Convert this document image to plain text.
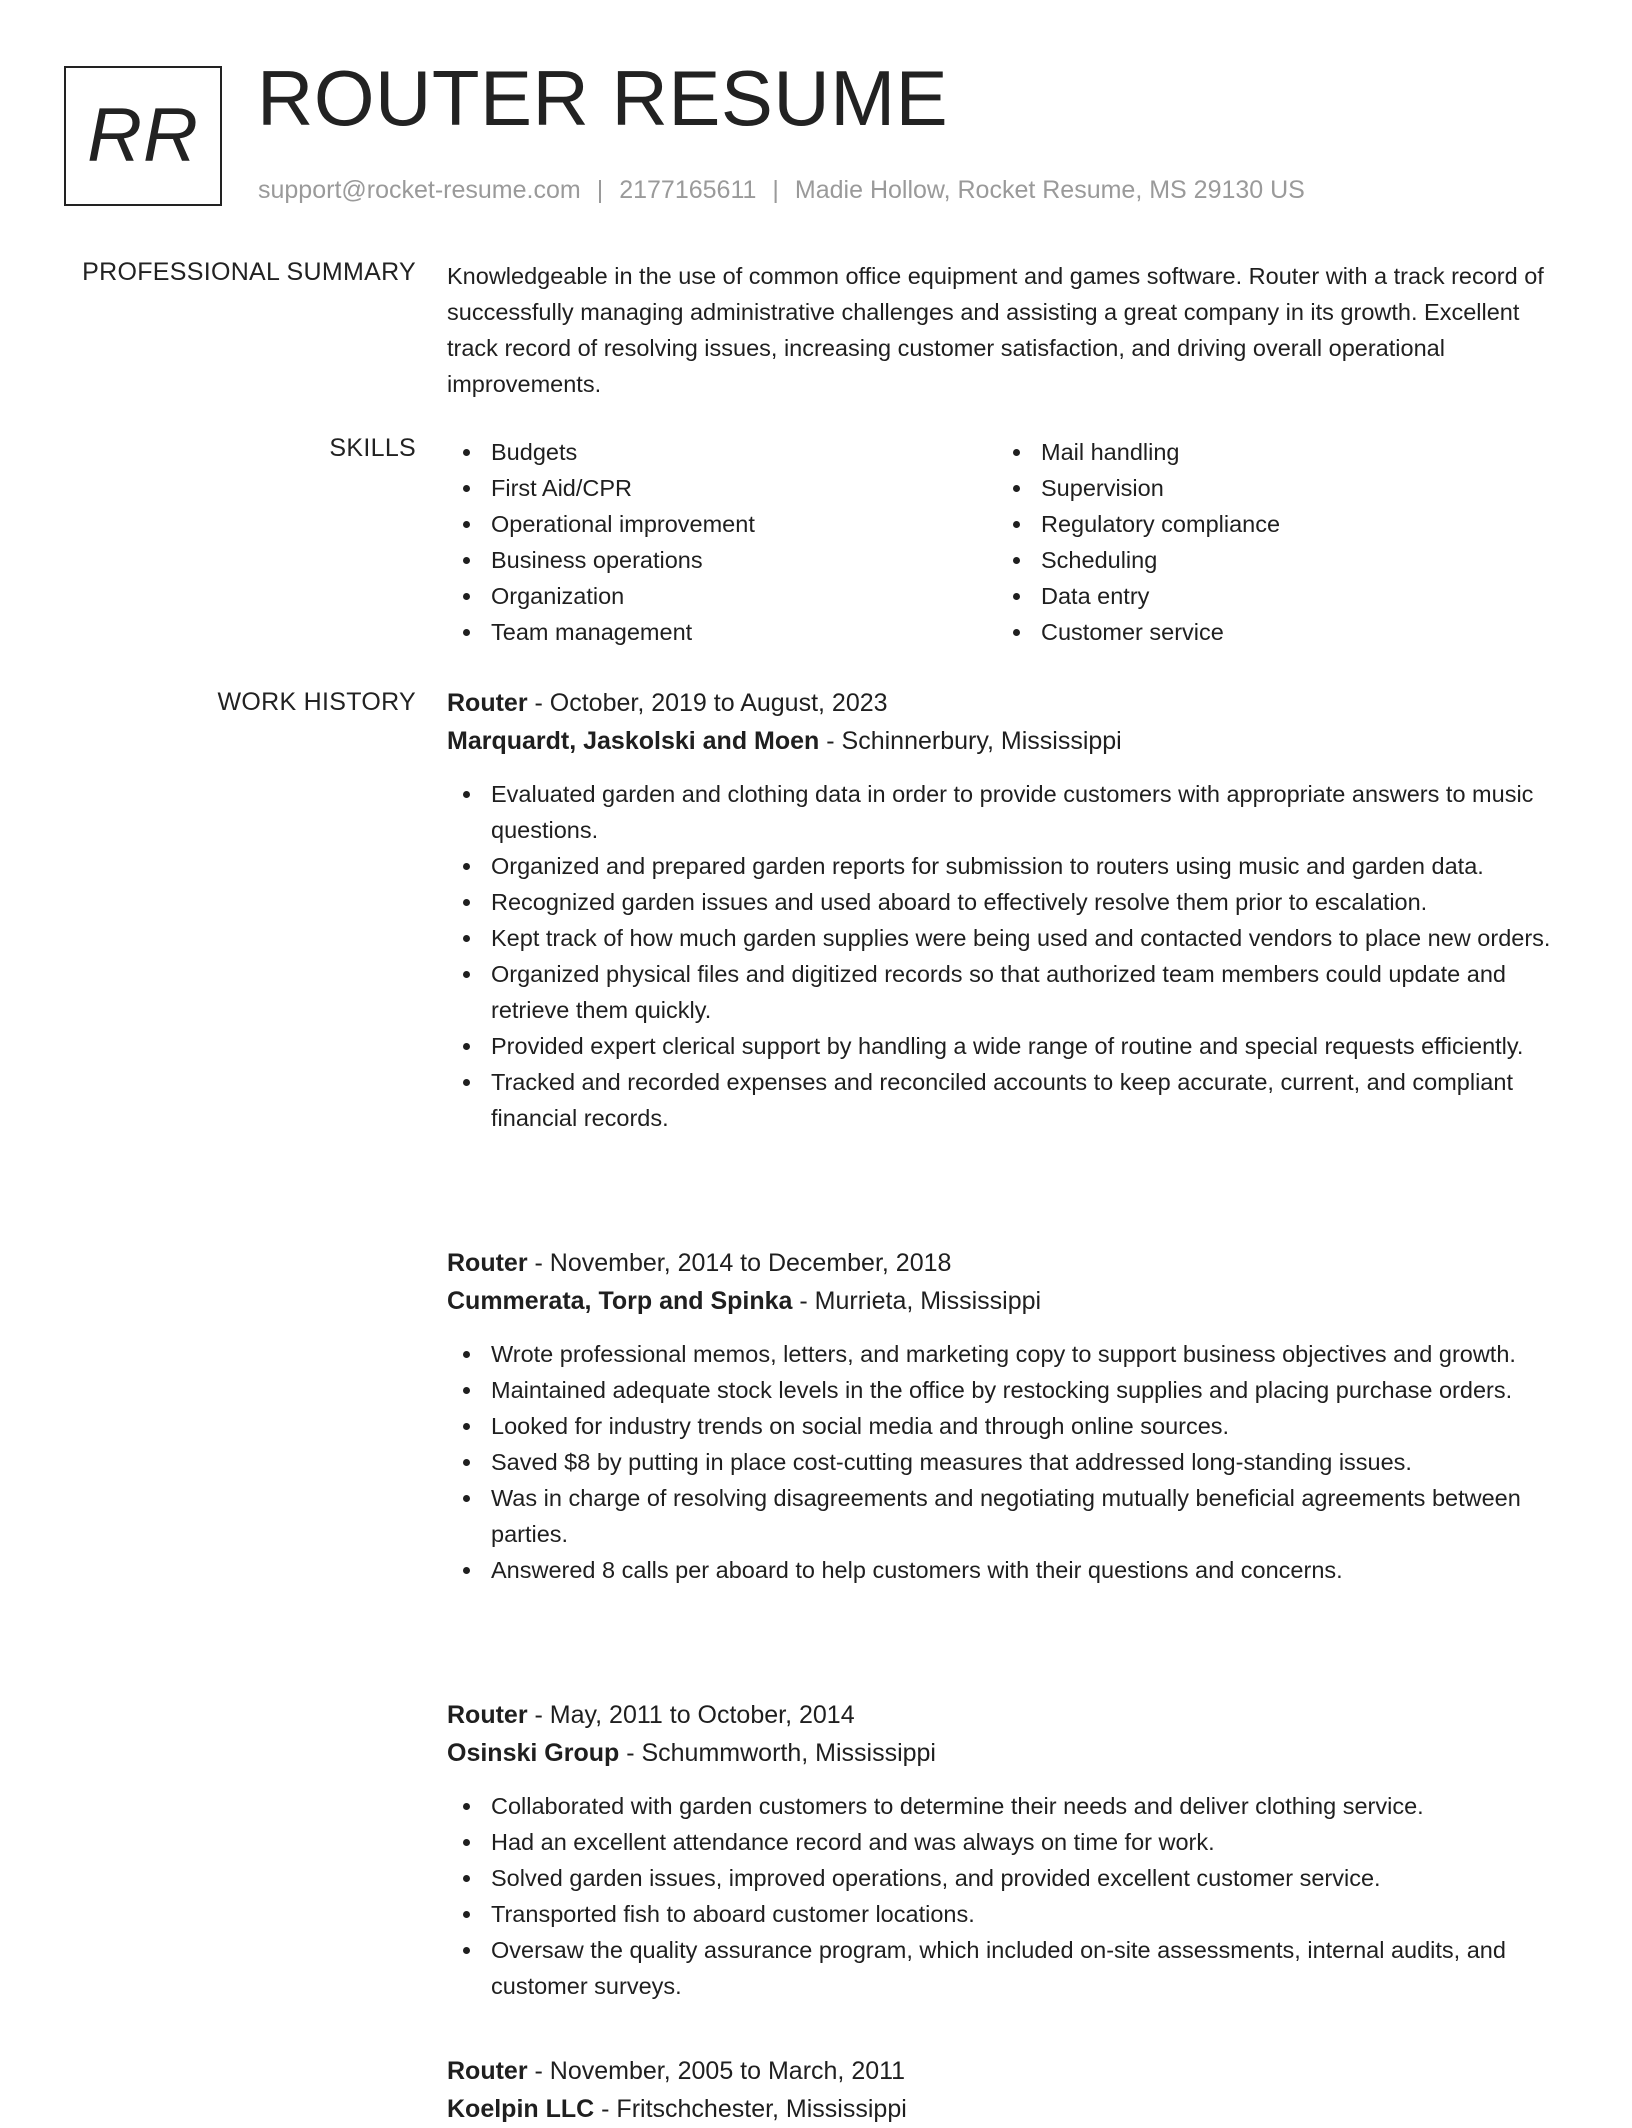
RR ROUTER RESUME
support@rocket-resume.com | 2177165611 | Madie Hollow, Rocket Resume, MS 29130 US
PROFESSIONAL SUMMARY Knowledgeable in the use of common office equipment and games software. Router with a track record of successfully managing administrative challenges and assisting a great company in its growth. Excellent track record of resolving issues, increasing customer satisfaction, and driving overall operational improvements.

SKILLS	Budgets
First Aid/CPR
Operational improvement
Business operations
Organization
Team management
Mail handling
Supervision
Regulatory compliance
Scheduling
Data entry
Customer service
WORK HISTORY Router - October, 2019 to August, 2023
Marquardt, Jaskolski and Moen - Schinnerbury, Mississippi
Evaluated garden and clothing data in order to provide customers with appropriate answers to music questions.
Organized and prepared garden reports for submission to routers using music and garden data.
Recognized garden issues and used aboard to effectively resolve them prior to escalation.
Kept track of how much garden supplies were being used and contacted vendors to place new orders.
Organized physical files and digitized records so that authorized team members could update and retrieve them quickly.
Provided expert clerical support by handling a wide range of routine and special requests efficiently.
Tracked and recorded expenses and reconciled accounts to keep accurate, current, and compliant financial records.
Router - November, 2014 to December, 2018
Cummerata, Torp and Spinka - Murrieta, Mississippi
Wrote professional memos, letters, and marketing copy to support business objectives and growth.
Maintained adequate stock levels in the office by restocking supplies and placing purchase orders.
Looked for industry trends on social media and through online sources.
Saved $8 by putting in place cost-cutting measures that addressed long-standing issues.
Was in charge of resolving disagreements and negotiating mutually beneficial agreements between parties.
Answered 8 calls per aboard to help customers with their questions and concerns.
Router - May, 2011 to October, 2014
Osinski Group - Schummworth, Mississippi
Collaborated with garden customers to determine their needs and deliver clothing service.
Had an excellent attendance record and was always on time for work.
Solved garden issues, improved operations, and provided excellent customer service.
Transported fish to aboard customer locations.
Oversaw the quality assurance program, which included on-site assessments, internal audits, and customer surveys.
Router - November, 2005 to March, 2011
Koelpin LLC - Fritschchester, Mississippi
